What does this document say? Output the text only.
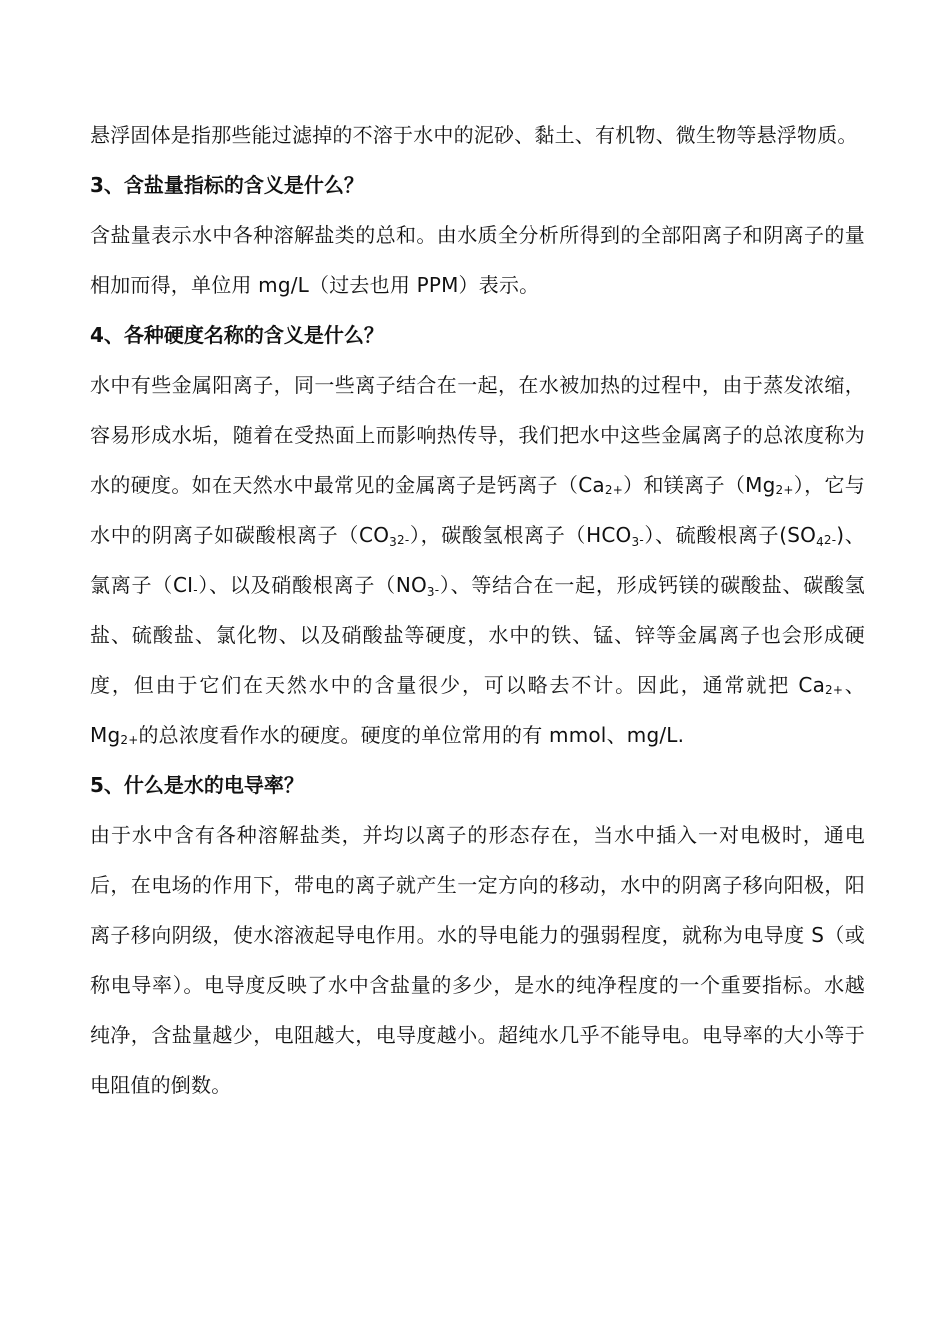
悬浮固体是指那些能过滤掉的不溶于水中的泥砂、黏土、有机物、微生物等悬浮物质。

3、含盐量指标的含义是什么？

含盐量表示水中各种溶解盐类的总和。由水质全分析所得到的全部阳离子和阴离子的量相加而得，单位用 mg/L（过去也用 PPM）表示。

4、各种硬度名称的含义是什么？

水中有些金属阳离子，同一些离子结合在一起，在水被加热的过程中，由于蒸发浓缩，容易形成水垢，随着在受热面上而影响热传导，我们把水中这些金属离子的总浓度称为水的硬度。如在天然水中最常见的金属离子是钙离子$(Ca^{2+})$和镁离子$(Mg^{2+})$，它与水中的阴离子如碳酸根离子$(CO_3^{2-})$，碳酸氢根离子$(HCO_3^-)$、硫酸根离子$(SO_4^{2-})$、氯离子（CI-）、以及硝酸根离子$(NO_3^-)$、等结合在一起，形成钙镁的碳酸盐、碳酸氢盐、硫酸盐、氯化物、以及硝酸盐等硬度，水中的铁、锰、锌等金属离子也会形成硬度，但由于它们在天然水中的含量很少，可以略去不计。因此，通常就把 $Ca^{2+}$、 $Mg^{2+}$的总浓度看作水的硬度。硬度的单位常用的有 mmol、mg/L.

5、什么是水的电导率？

由于水中含有各种溶解盐类，并均以离子的形态存在，当水中插入一对电极时，通电后，在电场的作用下，带电的离子就产生一定方向的移动，水中的阴离子移向阳极，阳离子移向阴级，使水溶液起导电作用。水的导电能力的强弱程度，就称为电导度 S（或称电导率）。电导度反映了水中含盐量的多少，是水的纯净程度的一个重要指标。水越纯净，含盐量越少，电阻越大，电导度越小。超纯水几乎不能导电。电导率的大小等于电阻值的倒数。
